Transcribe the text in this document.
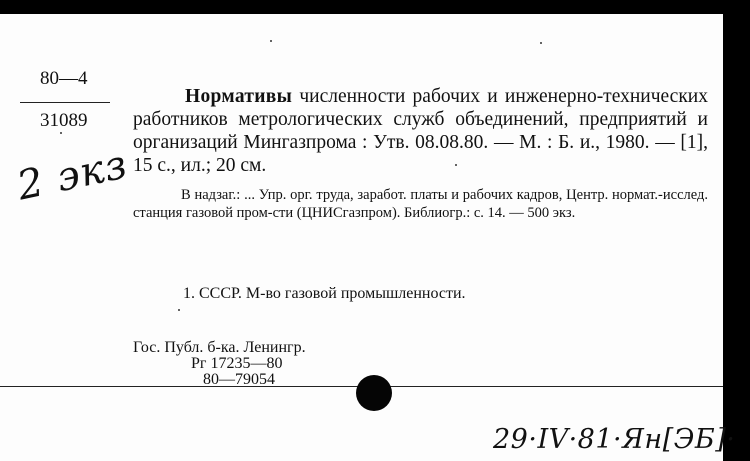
80—4
31089
2 экз
Нормативы численности рабочих и инженерно-технических работников метрологических служб объединений, предприятий и организаций Мингазпрома : Утв. 08.08.80. — М. : Б. и., 1980. — [1], 15 с., ил.; 20 см.
В надзаг.: ... Упр. орг. труда, заработ. платы и рабочих кадров, Центр. нормат.-исслед. станция газовой пром-сти (ЦНИСгазпром). Библиогр.: с. 14. — 500 экз.
1. СССР. М-во газовой промышленности.
Гос. Публ. б-ка. Ленингр.
Рг 17235—80
80—79054
29·IV·81·Ян[ЭБ]·
